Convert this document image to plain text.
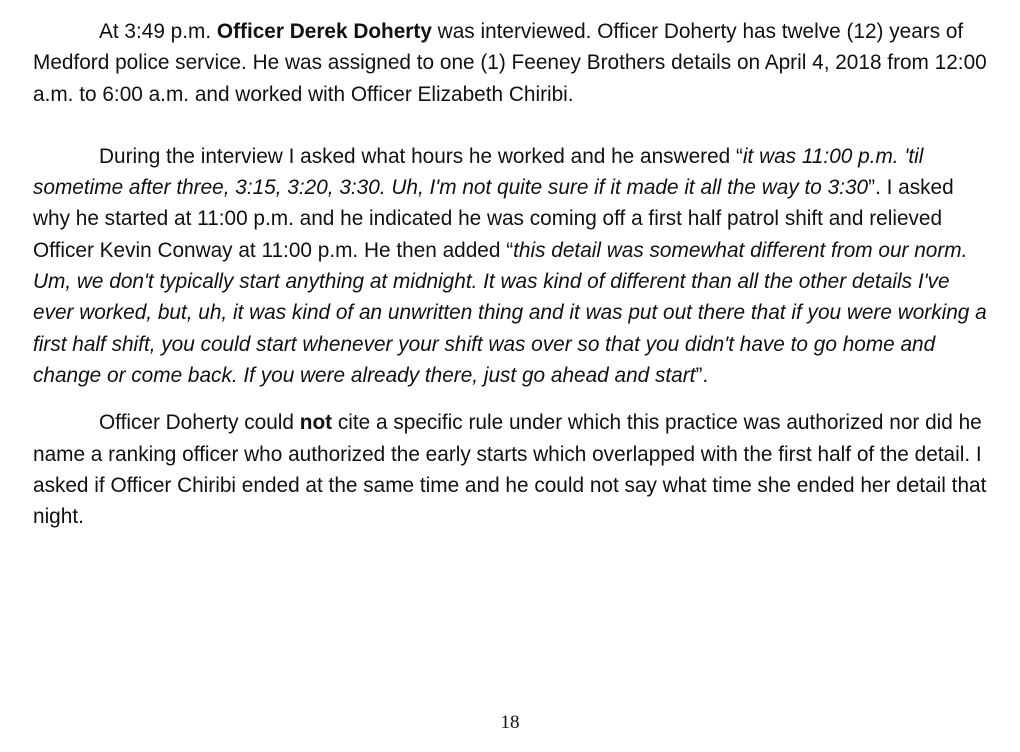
At 3:49 p.m. Officer Derek Doherty was interviewed. Officer Doherty has twelve (12) years of Medford police service. He was assigned to one (1) Feeney Brothers details on April 4, 2018 from 12:00 a.m. to 6:00 a.m. and worked with Officer Elizabeth Chiribi.

During the interview I asked what hours he worked and he answered “it was 11:00 p.m. 'til sometime after three, 3:15, 3:20, 3:30. Uh, I'm not quite sure if it made it all the way to 3:30”. I asked why he started at 11:00 p.m. and he indicated he was coming off a first half patrol shift and relieved Officer Kevin Conway at 11:00 p.m. He then added “this detail was somewhat different from our norm. Um, we don't typically start anything at midnight. It was kind of different than all the other details I've ever worked, but, uh, it was kind of an unwritten thing and it was put out there that if you were working a first half shift, you could start whenever your shift was over so that you didn't have to go home and change or come back. If you were already there, just go ahead and start”.

Officer Doherty could not cite a specific rule under which this practice was authorized nor did he name a ranking officer who authorized the early starts which overlapped with the first half of the detail. I asked if Officer Chiribi ended at the same time and he could not say what time she ended her detail that night.

18
